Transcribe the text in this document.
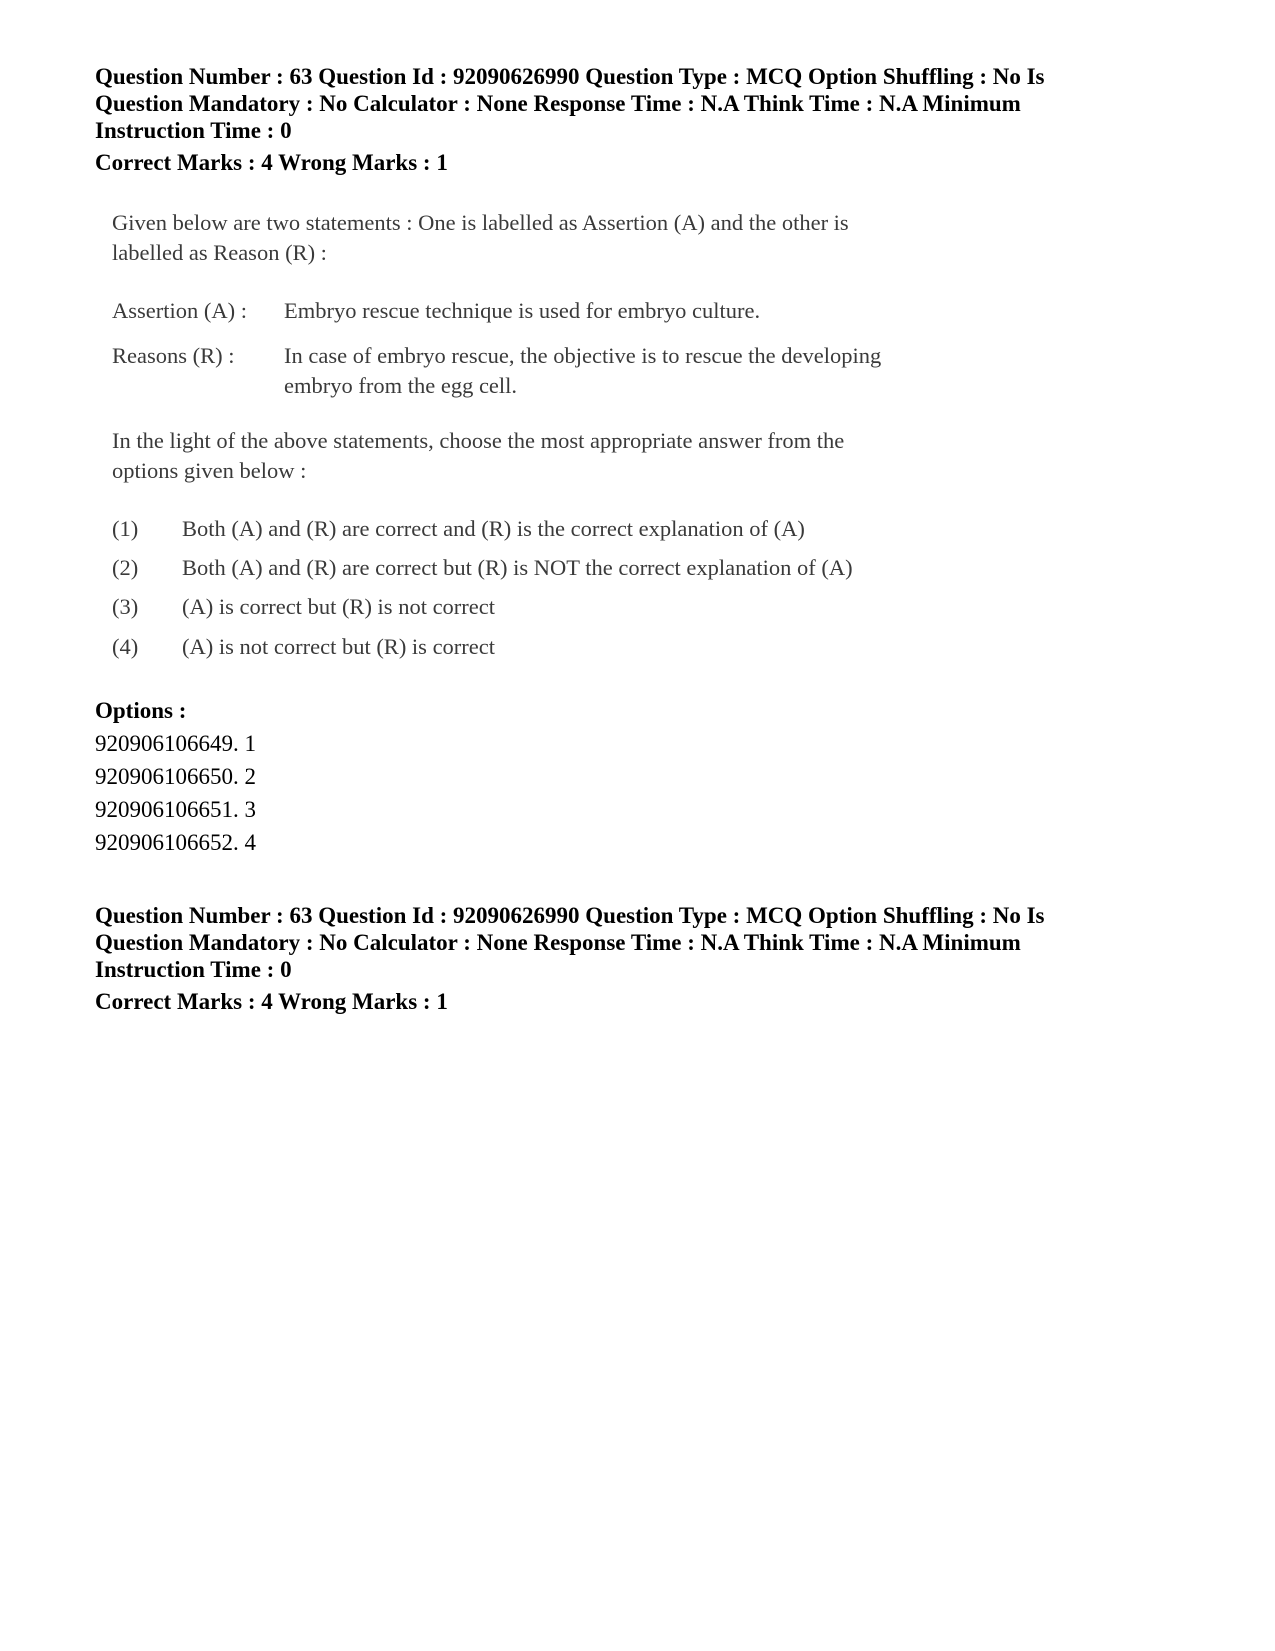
Question Number : 63 Question Id : 92090626990 Question Type : MCQ Option Shuffling : No Is
Question Mandatory : No Calculator : None Response Time : N.A Think Time : N.A Minimum
Instruction Time : 0
Correct Marks : 4 Wrong Marks : 1
Given below are two statements : One is labelled as Assertion (A) and the other is
labelled as Reason (R) :
Assertion (A) : Embryo rescue technique is used for embryo culture.
Reasons (R) : In case of embryo rescue, the objective is to rescue the developing
embryo from the egg cell.
In the light of the above statements, choose the most appropriate answer from the
options given below :
(1) Both (A) and (R) are correct and (R) is the correct explanation of (A)
(2) Both (A) and (R) are correct but (R) is NOT the correct explanation of (A)
(3) (A) is correct but (R) is not correct
(4) (A) is not correct but (R) is correct
Options :
920906106649. 1
920906106650. 2
920906106651. 3
920906106652. 4
Question Number : 63 Question Id : 92090626990 Question Type : MCQ Option Shuffling : No Is
Question Mandatory : No Calculator : None Response Time : N.A Think Time : N.A Minimum
Instruction Time : 0
Correct Marks : 4 Wrong Marks : 1
